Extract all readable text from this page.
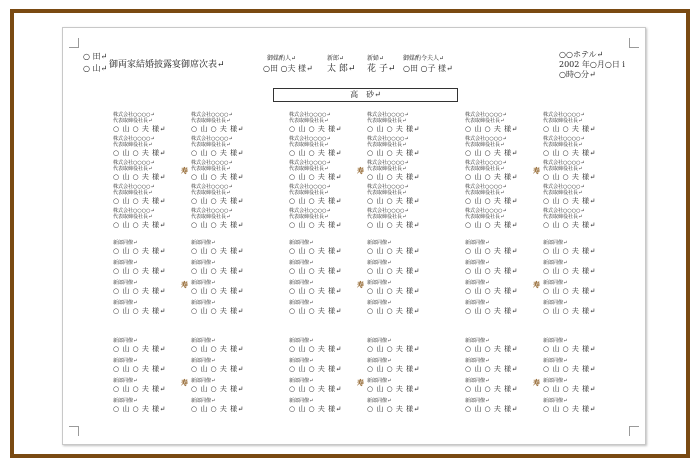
○ 田↵
○ 山↵ 御両家結婚披露宴御席次表↵
御媒酌人↵
○田 ○夫 様↵
新郎↵
太 郎↵
新婦↵
花 子↵
御媒酌令夫人↵
○田 ○子 様↵
○○ホテル↵
2002 年○月○日 ⅰ
○時○分↵
高　砂↵
株式会社○○○○↵
代表取締役社長↵
○ 山 ○ 夫 様↵
株式会社○○○○↵
代表取締役社長↵
○ 山 ○ 夫 様↵
株式会社○○○○↵
代表取締役社長↵
○ 山 ○ 夫 様↵
株式会社○○○○↵
代表取締役社長↵
○ 山 ○ 夫 様↵
株式会社○○○○↵
代表取締役社長↵
○ 山 ○ 夫 様↵
株式会社○○○○↵
代表取締役社長↵
○ 山 ○ 夫 様↵
株式会社○○○○↵
代表取締役社長↵
○ 山 ○ 夫 様↵
株式会社○○○○↵
代表取締役社長↵
○ 山 ○ 夫 様↵
株式会社○○○○↵
代表取締役社長↵
○ 山 ○ 夫 様↵
株式会社○○○○↵
代表取締役社長↵
○ 山 ○ 夫 様↵
株式会社○○○○↵
代表取締役社長↵
○ 山 ○ 夫 様↵
株式会社○○○○↵
代表取締役社長↵
○ 山 ○ 夫 様↵
株式会社○○○○↵
代表取締役社長↵
○ 山 ○ 夫 様↵
株式会社○○○○↵
代表取締役社長↵
○ 山 ○ 夫 様↵
株式会社○○○○↵
代表取締役社長↵
○ 山 ○ 夫 様↵
株式会社○○○○↵
代表取締役社長↵
○ 山 ○ 夫 様↵
株式会社○○○○↵
代表取締役社長↵
○ 山 ○ 夫 様↵
株式会社○○○○↵
代表取締役社長↵
○ 山 ○ 夫 様↵
株式会社○○○○↵
代表取締役社長↵
○ 山 ○ 夫 様↵
株式会社○○○○↵
代表取締役社長↵
○ 山 ○ 夫 様↵
株式会社○○○○↵
代表取締役社長↵
○ 山 ○ 夫 様↵
株式会社○○○○↵
代表取締役社長↵
○ 山 ○ 夫 様↵
株式会社○○○○↵
代表取締役社長↵
○ 山 ○ 夫 様↵
株式会社○○○○↵
代表取締役社長↵
○ 山 ○ 夫 様↵
株式会社○○○○↵
代表取締役社長↵
○ 山 ○ 夫 様↵
株式会社○○○○↵
代表取締役社長↵
○ 山 ○ 夫 様↵
株式会社○○○○↵
代表取締役社長↵
○ 山 ○ 夫 様↵
株式会社○○○○↵
代表取締役社長↵
○ 山 ○ 夫 様↵
株式会社○○○○↵
代表取締役社長↵
○ 山 ○ 夫 様↵
株式会社○○○○↵
代表取締役社長↵
○ 山 ○ 夫 様↵
寿	寿	寿
新郎同僚↵
○ 山 ○ 夫 様↵
新郎同僚↵
○ 山 ○ 夫 様↵
新郎同僚↵
○ 山 ○ 夫 様↵
新郎同僚↵
○ 山 ○ 夫 様↵
新郎同僚↵
○ 山 ○ 夫 様↵
新郎同僚↵
○ 山 ○ 夫 様↵
新郎同僚↵
○ 山 ○ 夫 様↵
新郎同僚↵
○ 山 ○ 夫 様↵
新郎同僚↵
○ 山 ○ 夫 様↵
新郎同僚↵
○ 山 ○ 夫 様↵
新郎同僚↵
○ 山 ○ 夫 様↵
新郎同僚↵
○ 山 ○ 夫 様↵
新郎同僚↵
○ 山 ○ 夫 様↵
新郎同僚↵
○ 山 ○ 夫 様↵
新郎同僚↵
○ 山 ○ 夫 様↵
新郎同僚↵
○ 山 ○ 夫 様↵
新郎同僚↵
○ 山 ○ 夫 様↵
新郎同僚↵
○ 山 ○ 夫 様↵
新郎同僚↵
○ 山 ○ 夫 様↵
新郎同僚↵
○ 山 ○ 夫 様↵
新郎同僚↵
○ 山 ○ 夫 様↵
新郎同僚↵
○ 山 ○ 夫 様↵
新郎同僚↵
○ 山 ○ 夫 様↵
新郎同僚↵
○ 山 ○ 夫 様↵
寿	寿	寿
新郎同僚↵
○ 山 ○ 夫 様↵
新郎同僚↵
○ 山 ○ 夫 様↵
新郎同僚↵
○ 山 ○ 夫 様↵
新郎同僚↵
○ 山 ○ 夫 様↵
新郎同僚↵
○ 山 ○ 夫 様↵
新郎同僚↵
○ 山 ○ 夫 様↵
新郎同僚↵
○ 山 ○ 夫 様↵
新郎同僚↵
○ 山 ○ 夫 様↵
新郎同僚↵
○ 山 ○ 夫 様↵
新郎同僚↵
○ 山 ○ 夫 様↵
新郎同僚↵
○ 山 ○ 夫 様↵
新郎同僚↵
○ 山 ○ 夫 様↵
新郎同僚↵
○ 山 ○ 夫 様↵
新郎同僚↵
○ 山 ○ 夫 様↵
新郎同僚↵
○ 山 ○ 夫 様↵
新郎同僚↵
○ 山 ○ 夫 様↵
新郎同僚↵
○ 山 ○ 夫 様↵
新郎同僚↵
○ 山 ○ 夫 様↵
新郎同僚↵
○ 山 ○ 夫 様↵
新郎同僚↵
○ 山 ○ 夫 様↵
新郎同僚↵
○ 山 ○ 夫 様↵
新郎同僚↵
○ 山 ○ 夫 様↵
新郎同僚↵
○ 山 ○ 夫 様↵
新郎同僚↵
○ 山 ○ 夫 様↵
寿	寿	寿
